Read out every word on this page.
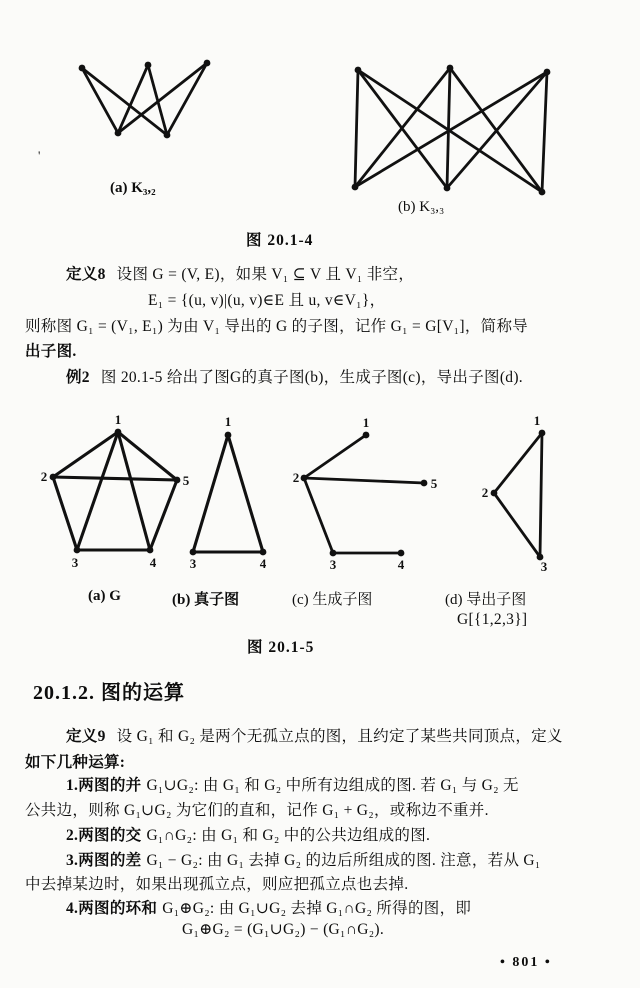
'
(a) K₃,₂
(b) K₃,₃
图 20.1-4
定义8 设图 G = (V, E)，如果 V₁ ⊆ V 且 V₁ 非空，
E₁ = {(u, v)|(u, v)∈E 且 u, v∈V₁}，
则称图 G₁ = (V₁, E₁) 为由 V₁ 导出的 G 的子图，记作 G₁ = G[V₁]，简称导
出子图.
例2 图 20.1-5 给出了图G的真子图(b)，生成子图(c)，导出子图(d).
1
2	5
3	4
1
3	4
1
2	5
3	4
1
2
3
(a) G	(b) 真子图	(c) 生成子图	(d) 导出子图
G[{1,2,3}]
图 20.1-5
20.1.2. 图的运算
定义9 设 G₁ 和 G₂ 是两个无孤立点的图，且约定了某些共同顶点，定义
如下几种运算:
1.两图的并 G₁∪G₂: 由 G₁ 和 G₂ 中所有边组成的图. 若 G₁ 与 G₂ 无
公共边，则称 G₁∪G₂ 为它们的直和，记作 G₁ + G₂，或称边不重并.
2.两图的交 G₁∩G₂: 由 G₁ 和 G₂ 中的公共边组成的图.
3.两图的差 G₁ − G₂: 由 G₁ 去掉 G₂ 的边后所组成的图. 注意，若从 G₁
中去掉某边时，如果出现孤立点，则应把孤立点也去掉.
4.两图的环和 G₁⊕G₂: 由 G₁∪G₂ 去掉 G₁∩G₂ 所得的图，即
G₁⊕G₂ = (G₁∪G₂) − (G₁∩G₂).
• 801 •
